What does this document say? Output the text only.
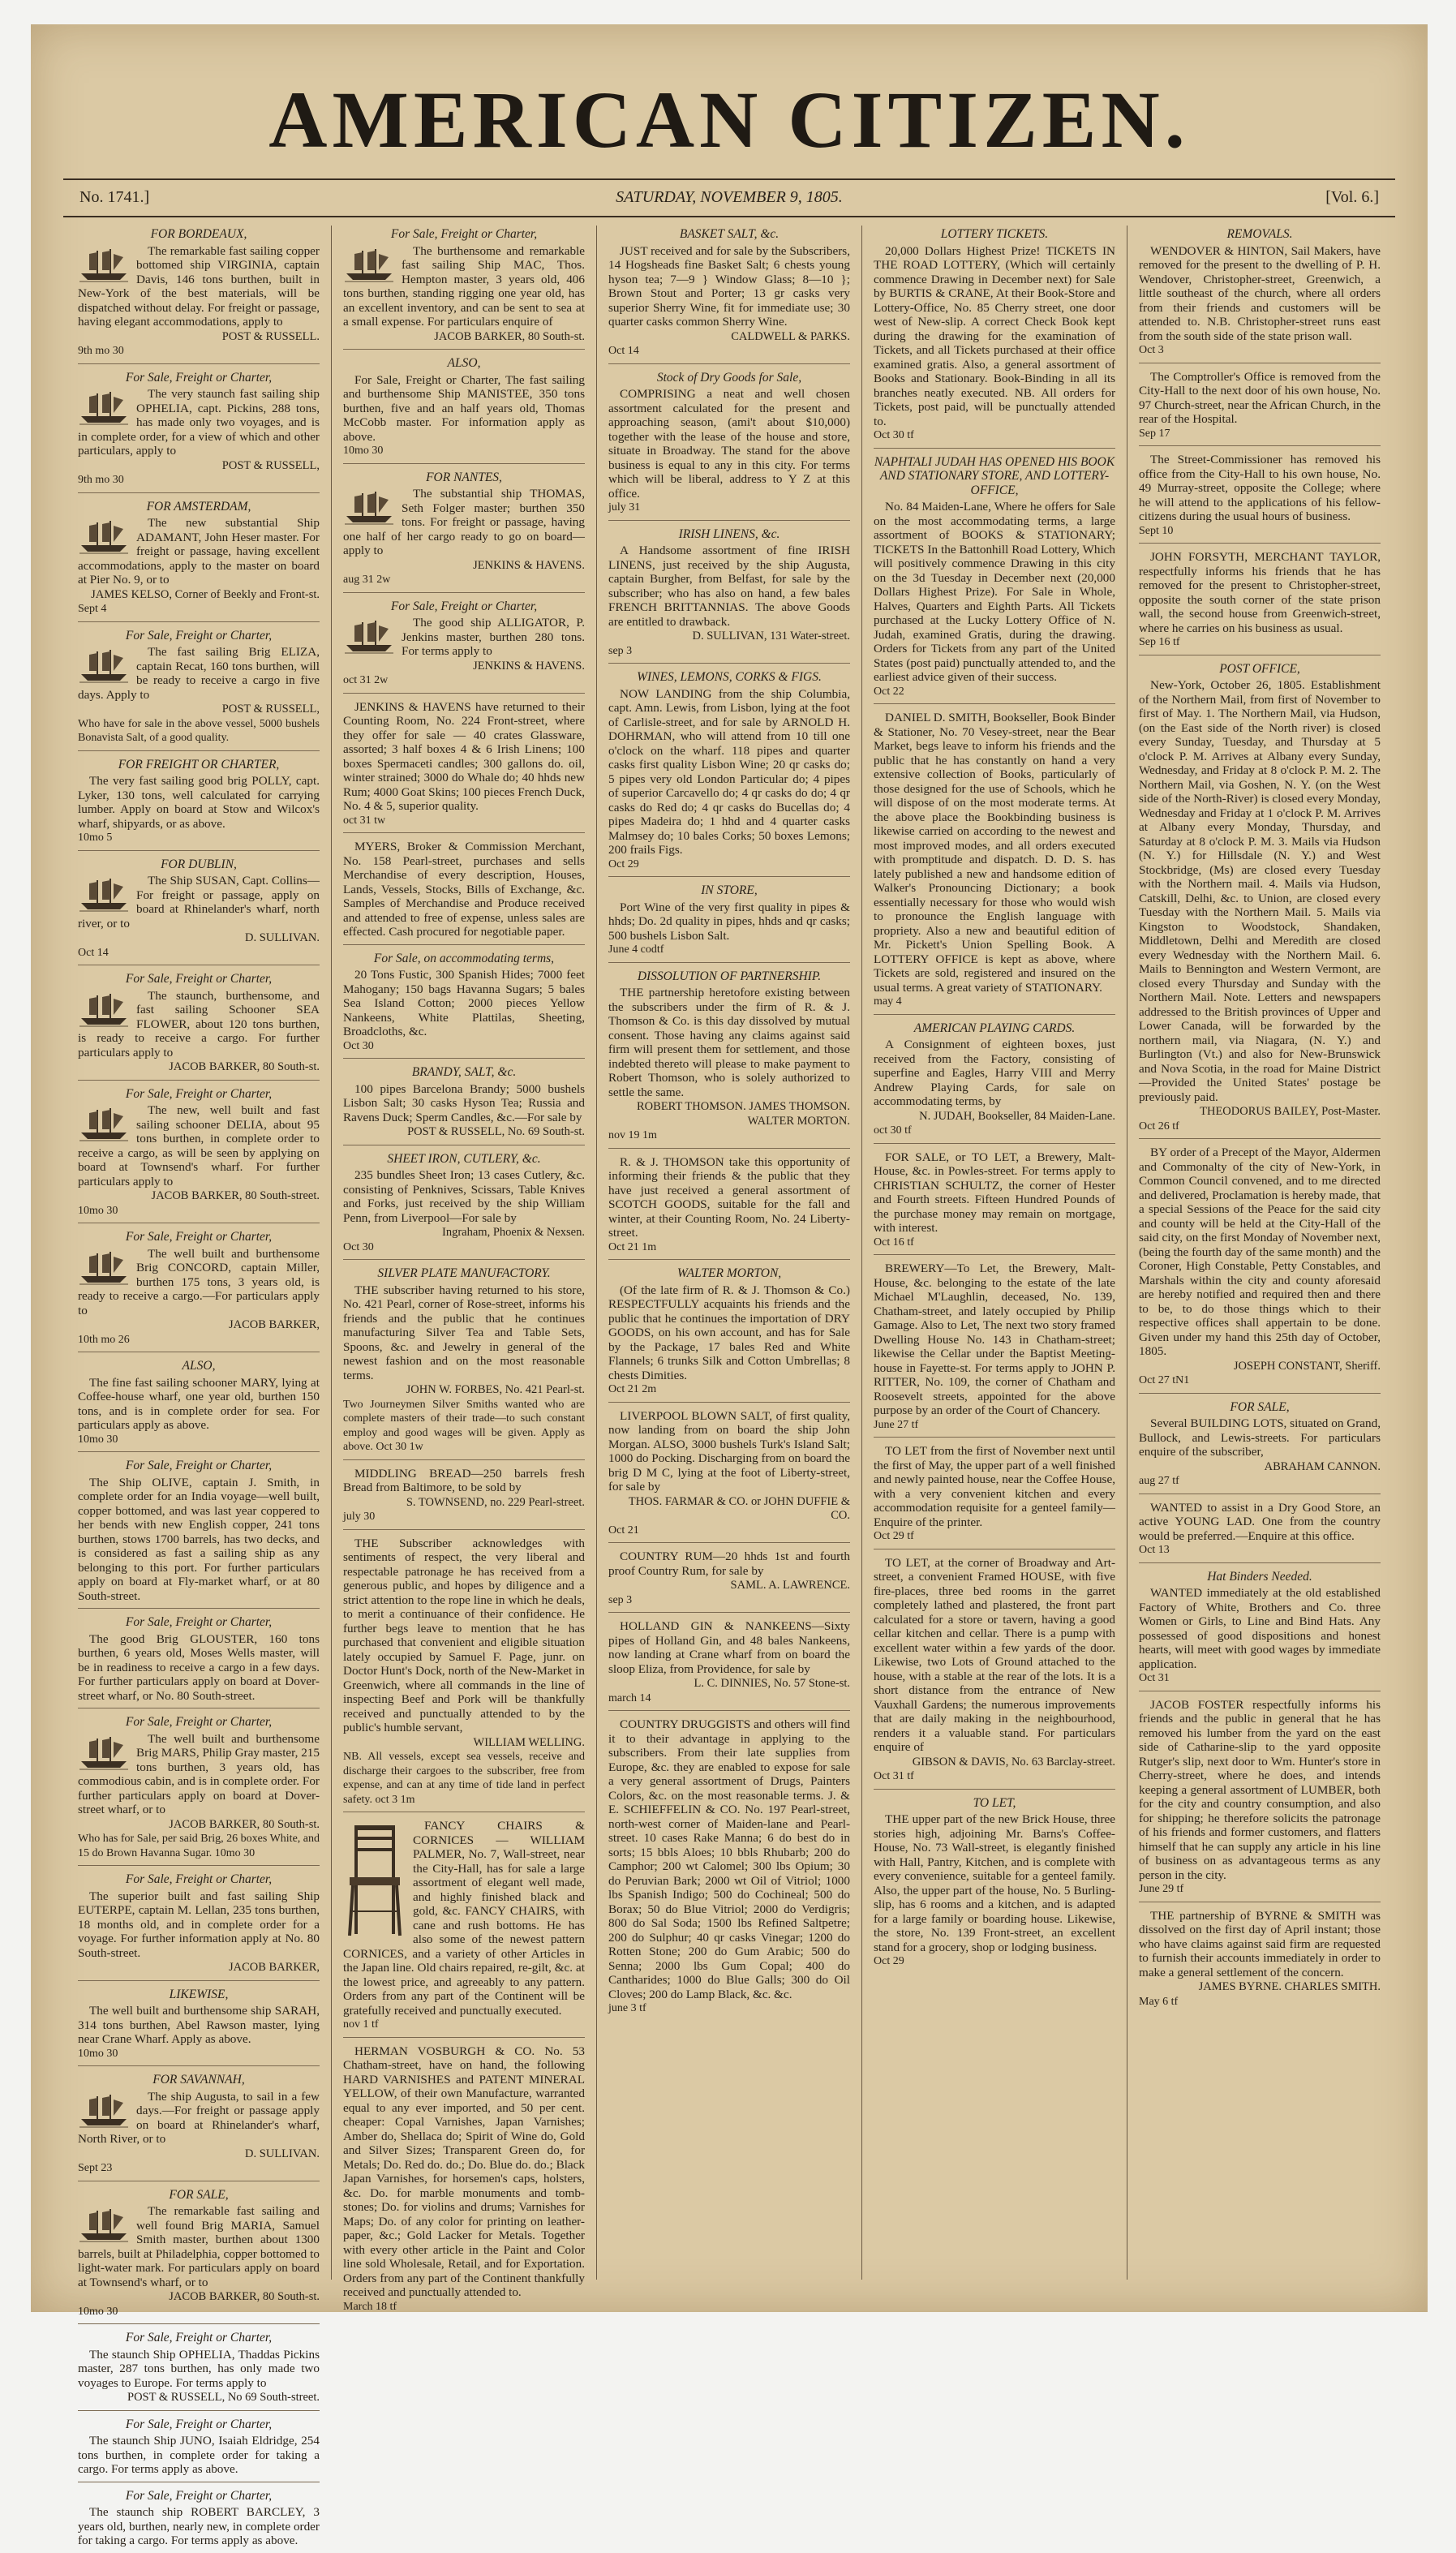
AMERICAN CITIZEN.
No. 1741.]	SATURDAY, NOVEMBER 9, 1805.	[Vol. 6.]
FOR BORDEAUX,
The remarkable fast sailing copper bottomed ship VIRGINIA, captain Davis, 146 tons burthen, built in New-York of the best materials, will be dispatched without delay. For freight or passage, having elegant accommodations, apply to
POST & RUSSELL.
9th mo 30
For Sale, Freight or Charter,
The very staunch fast sailing ship OPHELIA, capt. Pickins, 288 tons, has made only two voyages, and is in complete order, for a view of which and other particulars, apply to
POST & RUSSELL,
9th mo 30
FOR AMSTERDAM,
The new substantial Ship ADAMANT, John Heser master. For freight or passage, having excellent accommodations, apply to the master on board at Pier No. 9, or to
JAMES KELSO, Corner of Beekly and Front-st.
Sept 4
For Sale, Freight or Charter,
The fast sailing Brig ELIZA, captain Recat, 160 tons burthen, will be ready to receive a cargo in five days. Apply to
POST & RUSSELL,
Who have for sale in the above vessel, 5000 bushels Bonavista Salt, of a good quality.
FOR FREIGHT OR CHARTER,
The very fast sailing good brig POLLY, capt. Lyker, 130 tons, well calculated for carrying lumber. Apply on board at Stow and Wilcox's wharf, shipyards, or as above.
10mo 5
FOR DUBLIN,
The Ship SUSAN, Capt. Collins—For freight or passage, apply on board at Rhinelander's wharf, north river, or to
D. SULLIVAN.
Oct 14
For Sale, Freight or Charter,
The staunch, burthensome, and fast sailing Schooner SEA FLOWER, about 120 tons burthen, is ready to receive a cargo. For further particulars apply to
JACOB BARKER, 80 South-st.
For Sale, Freight or Charter,
The new, well built and fast sailing schooner DELIA, about 95 tons burthen, in complete order to receive a cargo, as will be seen by applying on board at Townsend's wharf. For further particulars apply to
JACOB BARKER, 80 South-street.
10mo 30
For Sale, Freight or Charter,
The well built and burthensome Brig CONCORD, captain Miller, burthen 175 tons, 3 years old, is ready to receive a cargo.—For particulars apply to
JACOB BARKER,
10th mo 26
ALSO,
The fine fast sailing schooner MARY, lying at Coffee-house wharf, one year old, burthen 150 tons, and is in complete order for sea. For particulars apply as above.
10mo 30
For Sale, Freight or Charter,
The Ship OLIVE, captain J. Smith, in complete order for an India voyage—well built, copper bottomed, and was last year coppered to her bends with new English copper, 241 tons burthen, stows 1700 barrels, has two decks, and is considered as fast a sailing ship as any belonging to this port. For further particulars apply on board at Fly-market wharf, or at 80 South-street.
For Sale, Freight or Charter,
The good Brig GLOUSTER, 160 tons burthen, 6 years old, Moses Wells master, will be in readiness to receive a cargo in a few days. For further particulars apply on board at Dover-street wharf, or No. 80 South-street.
For Sale, Freight or Charter,
The well built and burthensome Brig MARS, Philip Gray master, 215 tons burthen, 3 years old, has commodious cabin, and is in complete order. For further particulars apply on board at Dover-street wharf, or to
JACOB BARKER, 80 South-st.
Who has for Sale, per said Brig, 26 boxes White, and 15 do Brown Havanna Sugar. 10mo 30
For Sale, Freight or Charter,
The superior built and fast sailing Ship EUTERPE, captain M. Lellan, 235 tons burthen, 18 months old, and in complete order for a voyage. For further information apply at No. 80 South-street.
JACOB BARKER,
LIKEWISE,
The well built and burthensome ship SARAH, 314 tons burthen, Abel Rawson master, lying near Crane Wharf. Apply as above.
10mo 30
FOR SAVANNAH,
The ship Augusta, to sail in a few days.—For freight or passage apply on board at Rhinelander's wharf, North River, or to
D. SULLIVAN.
Sept 23
FOR SALE,
The remarkable fast sailing and well found Brig MARIA, Samuel Smith master, burthen about 1300 barrels, built at Philadelphia, copper bottomed to light-water mark. For particulars apply on board at Townsend's wharf, or to
JACOB BARKER, 80 South-st.
10mo 30
For Sale, Freight or Charter,
The staunch Ship OPHELIA, Thaddas Pickins master, 287 tons burthen, has only made two voyages to Europe. For terms apply to
POST & RUSSELL, No 69 South-street.
For Sale, Freight or Charter,
The staunch Ship JUNO, Isaiah Eldridge, 254 tons burthen, in complete order for taking a cargo. For terms apply as above.
For Sale, Freight or Charter,
The staunch ship ROBERT BARCLEY, 3 years old, burthen, nearly new, in complete order for taking a cargo. For terms apply as above.
For Sale, Freight or Charter,
The burthensome and remarkable fast sailing Ship MAC, Thos. Hempton master, 3 years old, 406 tons burthen, standing rigging one year old, has an excellent inventory, and can be sent to sea at a small expense. For particulars enquire of
JACOB BARKER, 80 South-st.
ALSO,
For Sale, Freight or Charter, The fast sailing and burthensome Ship MANISTEE, 350 tons burthen, five and an half years old, Thomas McCobb master. For information apply as above.
10mo 30
FOR NANTES,
The substantial ship THOMAS, Seth Folger master; burthen 350 tons. For freight or passage, having one half of her cargo ready to go on board—apply to
JENKINS & HAVENS.
aug 31 2w
For Sale, Freight or Charter,
The good ship ALLIGATOR, P. Jenkins master, burthen 280 tons. For terms apply to
JENKINS & HAVENS.
oct 31 2w
JENKINS & HAVENS have returned to their Counting Room, No. 224 Front-street, where they offer for sale — 40 crates Glassware, assorted; 3 half boxes 4 & 6 Irish Linens; 100 boxes Spermaceti candles; 300 gallons do. oil, winter strained; 3000 do Whale do; 40 hhds new Rum; 4000 Goat Skins; 100 pieces French Duck, No. 4 & 5, superior quality.
oct 31 tw
MYERS, Broker & Commission Merchant, No. 158 Pearl-street, purchases and sells Merchandise of every description, Houses, Lands, Vessels, Stocks, Bills of Exchange, &c. Samples of Merchandise and Produce received and attended to free of expense, unless sales are effected. Cash procured for negotiable paper.
For Sale, on accommodating terms,
20 Tons Fustic, 300 Spanish Hides; 7000 feet Mahogany; 150 bags Havanna Sugars; 5 bales Sea Island Cotton; 2000 pieces Yellow Nankeens, White Plattilas, Sheeting, Broadcloths, &c.
Oct 30
BRANDY, SALT, &c.
100 pipes Barcelona Brandy; 5000 bushels Lisbon Salt; 30 casks Hyson Tea; Russia and Ravens Duck; Sperm Candles, &c.—For sale by
POST & RUSSELL, No. 69 South-st.
SHEET IRON, CUTLERY, &c.
235 bundles Sheet Iron; 13 cases Cutlery, &c. consisting of Penknives, Scissars, Table Knives and Forks, just received by the ship William Penn, from Liverpool—For sale by
Ingraham, Phoenix & Nexsen.
Oct 30
SILVER PLATE MANUFACTORY.
THE subscriber having returned to his store, No. 421 Pearl, corner of Rose-street, informs his friends and the public that he continues manufacturing Silver Tea and Table Sets, Spoons, &c. and Jewelry in general of the newest fashion and on the most reasonable terms.
JOHN W. FORBES, No. 421 Pearl-st.
Two Journeymen Silver Smiths wanted who are complete masters of their trade—to such constant employ and good wages will be given. Apply as above. Oct 30 1w
MIDDLING BREAD—250 barrels fresh Bread from Baltimore, to be sold by
S. TOWNSEND, no. 229 Pearl-street.
july 30
THE Subscriber acknowledges with sentiments of respect, the very liberal and respectable patronage he has received from a generous public, and hopes by diligence and a strict attention to the rope line in which he deals, to merit a continuance of their confidence. He further begs leave to mention that he has purchased that convenient and eligible situation lately occupied by Samuel F. Page, junr. on Doctor Hunt's Dock, north of the New-Market in Greenwich, where all commands in the line of inspecting Beef and Pork will be thankfully received and punctually attended to by the public's humble servant,
WILLIAM WELLING.
NB. All vessels, except sea vessels, receive and discharge their cargoes to the subscriber, free from expense, and can at any time of tide land in perfect safety. oct 3 1m
FANCY CHAIRS & CORNICES — WILLIAM PALMER, No. 7, Wall-street, near the City-Hall, has for sale a large assortment of elegant well made, and highly finished black and gold, &c. FANCY CHAIRS, with cane and rush bottoms. He has also some of the newest pattern CORNICES, and a variety of other Articles in the Japan line. Old chairs repaired, re-gilt, &c. at the lowest price, and agreeably to any pattern. Orders from any part of the Continent will be gratefully received and punctually executed.
nov 1 tf
HERMAN VOSBURGH & CO. No. 53 Chatham-street, have on hand, the following HARD VARNISHES and PATENT MINERAL YELLOW, of their own Manufacture, warranted equal to any ever imported, and 50 per cent. cheaper: Copal Varnishes, Japan Varnishes; Amber do, Shellaca do; Spirit of Wine do, Gold and Silver Sizes; Transparent Green do, for Metals; Do. Red do. do.; Do. Blue do. do.; Black Japan Varnishes, for horsemen's caps, holsters, &c. Do. for marble monuments and tomb-stones; Do. for violins and drums; Varnishes for Maps; Do. of any color for printing on leather-paper, &c.; Gold Lacker for Metals. Together with every other article in the Paint and Color line sold Wholesale, Retail, and for Exportation. Orders from any part of the Continent thankfully received and punctually attended to.
March 18 tf
BASKET SALT, &c.
JUST received and for sale by the Subscribers, 14 Hogsheads fine Basket Salt; 6 chests young hyson tea; 7—9 } Window Glass; 8—10 }; Brown Stout and Porter; 13 gr casks very superior Sherry Wine, fit for immediate use; 30 quarter casks common Sherry Wine.
CALDWELL & PARKS.
Oct 14
Stock of Dry Goods for Sale,
COMPRISING a neat and well chosen assortment calculated for the present and approaching season, (ami't about $10,000) together with the lease of the house and store, situate in Broadway. The stand for the above business is equal to any in this city. For terms which will be liberal, address to Y Z at this office.
july 31
IRISH LINENS, &c.
A Handsome assortment of fine IRISH LINENS, just received by the ship Augusta, captain Burgher, from Belfast, for sale by the subscriber; who has also on hand, a few bales FRENCH BRITTANNIAS. The above Goods are entitled to drawback.
D. SULLIVAN, 131 Water-street.
sep 3
WINES, LEMONS, CORKS & FIGS.
NOW LANDING from the ship Columbia, capt. Amn. Lewis, from Lisbon, lying at the foot of Carlisle-street, and for sale by ARNOLD H. DOHRMAN, who will attend from 10 till one o'clock on the wharf. 118 pipes and quarter casks first quality Lisbon Wine; 20 qr casks do; 5 pipes very old London Particular do; 4 pipes of superior Carcavello do; 4 qr casks do do; 4 qr casks do Red do; 4 qr casks do Bucellas do; 4 pipes Madeira do; 1 hhd and 4 quarter casks Malmsey do; 10 bales Corks; 50 boxes Lemons; 200 frails Figs.
Oct 29
IN STORE,
Port Wine of the very first quality in pipes & hhds; Do. 2d quality in pipes, hhds and qr casks; 500 bushels Lisbon Salt.
June 4 codtf
DISSOLUTION OF PARTNERSHIP.
THE partnership heretofore existing between the subscribers under the firm of R. & J. Thomson & Co. is this day dissolved by mutual consent. Those having any claims against said firm will present them for settlement, and those indebted thereto will please to make payment to Robert Thomson, who is solely authorized to settle the same.
ROBERT THOMSON. JAMES THOMSON. WALTER MORTON.
nov 19 1m
R. & J. THOMSON take this opportunity of informing their friends & the public that they have just received a general assortment of SCOTCH GOODS, suitable for the fall and winter, at their Counting Room, No. 24 Liberty-street.
Oct 21 1m
WALTER MORTON,
(Of the late firm of R. & J. Thomson & Co.) RESPECTFULLY acquaints his friends and the public that he continues the importation of DRY GOODS, on his own account, and has for Sale by the Package, 17 bales Red and White Flannels; 6 trunks Silk and Cotton Umbrellas; 8 chests Dimities.
Oct 21 2m
LIVERPOOL BLOWN SALT, of first quality, now landing from on board the ship John Morgan. ALSO, 3000 bushels Turk's Island Salt; 1000 do Pocking. Discharging from on board the brig D M C, lying at the foot of Liberty-street, for sale by
THOS. FARMAR & CO. or JOHN DUFFIE & CO.
Oct 21
COUNTRY RUM—20 hhds 1st and fourth proof Country Rum, for sale by
SAML. A. LAWRENCE.
sep 3
HOLLAND GIN & NANKEENS—Sixty pipes of Holland Gin, and 48 bales Nankeens, now landing at Crane wharf from on board the sloop Eliza, from Providence, for sale by
L. C. DINNIES, No. 57 Stone-st.
march 14
COUNTRY DRUGGISTS and others will find it to their advantage in applying to the subscribers. From their late supplies from Europe, &c. they are enabled to expose for sale a very general assortment of Drugs, Painters Colors, &c. on the most reasonable terms. J. & E. SCHIEFFELIN & CO. No. 197 Pearl-street, north-west corner of Maiden-lane and Pearl-street. 10 cases Rake Manna; 6 do best do in sorts; 15 bbls Aloes; 10 bbls Rhubarb; 200 do Camphor; 200 wt Calomel; 300 lbs Opium; 30 do Peruvian Bark; 2000 wt Oil of Vitriol; 1000 lbs Spanish Indigo; 500 do Cochineal; 500 do Borax; 50 do Blue Vitriol; 2000 do Verdigris; 800 do Sal Soda; 1500 lbs Refined Saltpetre; 200 do Sulphur; 40 qr casks Vinegar; 1200 do Rotten Stone; 200 do Gum Arabic; 500 do Senna; 2000 lbs Gum Copal; 400 do Cantharides; 1000 do Blue Galls; 300 do Oil Cloves; 200 do Lamp Black, &c. &c.
june 3 tf
LOTTERY TICKETS.
20,000 Dollars Highest Prize! TICKETS IN THE ROAD LOTTERY, (Which will certainly commence Drawing in December next) for Sale by BURTIS & CRANE, At their Book-Store and Lottery-Office, No. 85 Cherry street, one door west of New-slip. A correct Check Book kept during the drawing for the examination of Tickets, and all Tickets purchased at their office examined gratis. Also, a general assortment of Books and Stationary. Book-Binding in all its branches neatly executed. NB. All orders for Tickets, post paid, will be punctually attended to.
Oct 30 tf
NAPHTALI JUDAH HAS OPENED HIS BOOK AND STATIONARY STORE, AND LOTTERY-OFFICE,
No. 84 Maiden-Lane, Where he offers for Sale on the most accommodating terms, a large assortment of BOOKS & STATIONARY; TICKETS In the Battonhill Road Lottery, Which will positively commence Drawing in this city on the 3d Tuesday in December next (20,000 Dollars Highest Prize). For Sale in Whole, Halves, Quarters and Eighth Parts. All Tickets purchased at the Lucky Lottery Office of N. Judah, examined Gratis, during the drawing. Orders for Tickets from any part of the United States (post paid) punctually attended to, and the earliest advice given of their success.
Oct 22
DANIEL D. SMITH, Bookseller, Book Binder & Stationer, No. 70 Vesey-street, near the Bear Market, begs leave to inform his friends and the public that he has constantly on hand a very extensive collection of Books, particularly of those designed for the use of Schools, which he will dispose of on the most moderate terms. At the above place the Bookbinding business is likewise carried on according to the newest and most improved modes, and all orders executed with promptitude and dispatch. D. D. S. has lately published a new and handsome edition of Walker's Pronouncing Dictionary; a book essentially necessary for those who would wish to pronounce the English language with propriety. Also a new and beautiful edition of Mr. Pickett's Union Spelling Book. A LOTTERY OFFICE is kept as above, where Tickets are sold, registered and insured on the usual terms. A great variety of STATIONARY.
may 4
AMERICAN PLAYING CARDS.
A Consignment of eighteen boxes, just received from the Factory, consisting of superfine and Eagles, Harry VIII and Merry Andrew Playing Cards, for sale on accommodating terms, by
N. JUDAH, Bookseller, 84 Maiden-Lane.
oct 30 tf
FOR SALE, or TO LET, a Brewery, Malt-House, &c. in Powles-street. For terms apply to CHRISTIAN SCHULTZ, the corner of Hester and Fourth streets. Fifteen Hundred Pounds of the purchase money may remain on mortgage, with interest.
Oct 16 tf
BREWERY—To Let, the Brewery, Malt-House, &c. belonging to the estate of the late Michael M'Laughlin, deceased, No. 139, Chatham-street, and lately occupied by Philip Gamage. Also to Let, The next two story framed Dwelling House No. 143 in Chatham-street; likewise the Cellar under the Baptist Meeting-house in Fayette-st. For terms apply to JOHN P. RITTER, No. 109, the corner of Chatham and Roosevelt streets, appointed for the above purpose by an order of the Court of Chancery.
June 27 tf
TO LET from the first of November next until the first of May, the upper part of a well finished and newly painted house, near the Coffee House, with a very convenient kitchen and every accommodation requisite for a genteel family—Enquire of the printer.
Oct 29 tf
TO LET, at the corner of Broadway and Art-street, a convenient Framed HOUSE, with five fire-places, three bed rooms in the garret completely lathed and plastered, the front part calculated for a store or tavern, having a good cellar kitchen and cellar. There is a pump with excellent water within a few yards of the door. Likewise, two Lots of Ground attached to the house, with a stable at the rear of the lots. It is a short distance from the entrance of New Vauxhall Gardens; the numerous improvements that are daily making in the neighbourhood, renders it a valuable stand. For particulars enquire of
GIBSON & DAVIS, No. 63 Barclay-street.
Oct 31 tf
TO LET,
THE upper part of the new Brick House, three stories high, adjoining Mr. Barns's Coffee-House, No. 73 Wall-street, is elegantly finished with Hall, Pantry, Kitchen, and is complete with every convenience, suitable for a genteel family. Also, the upper part of the house, No. 5 Burling-slip, has 6 rooms and a kitchen, and is adapted for a large family or boarding house. Likewise, the store, No. 139 Front-street, an excellent stand for a grocery, shop or lodging business.
Oct 29
REMOVALS.
WENDOVER & HINTON, Sail Makers, have removed for the present to the dwelling of P. H. Wendover, Christopher-street, Greenwich, a little southeast of the church, where all orders from their friends and customers will be attended to. N.B. Christopher-street runs east from the south side of the state prison wall.
Oct 3
The Comptroller's Office is removed from the City-Hall to the next door of his own house, No. 97 Church-street, near the African Church, in the rear of the Hospital.
Sep 17
The Street-Commissioner has removed his office from the City-Hall to his own house, No. 49 Murray-street, opposite the College; where he will attend to the applications of his fellow-citizens during the usual hours of business.
Sept 10
JOHN FORSYTH, MERCHANT TAYLOR, respectfully informs his friends that he has removed for the present to Christopher-street, opposite the south corner of the state prison wall, the second house from Greenwich-street, where he carries on his business as usual.
Sep 16 tf
POST OFFICE,
New-York, October 26, 1805. Establishment of the Northern Mail, from first of November to first of May. 1. The Northern Mail, via Hudson, (on the East side of the North river) is closed every Sunday, Tuesday, and Thursday at 5 o'clock P. M. Arrives at Albany every Sunday, Wednesday, and Friday at 8 o'clock P. M. 2. The Northern Mail, via Goshen, N. Y. (on the West side of the North-River) is closed every Monday, Wednesday and Friday at 1 o'clock P. M. Arrives at Albany every Monday, Thursday, and Saturday at 8 o'clock P. M. 3. Mails via Hudson (N. Y.) for Hillsdale (N. Y.) and West Stockbridge, (Ms) are closed every Tuesday with the Northern mail. 4. Mails via Hudson, Catskill, Delhi, &c. to Union, are closed every Tuesday with the Northern Mail. 5. Mails via Kingston to Woodstock, Shandaken, Middletown, Delhi and Meredith are closed every Wednesday with the Northern Mail. 6. Mails to Bennington and Western Vermont, are closed every Thursday and Sunday with the Northern Mail. Note. Letters and newspapers addressed to the British provinces of Upper and Lower Canada, will be forwarded by the northern mail, via Niagara, (N. Y.) and Burlington (Vt.) and also for New-Brunswick and Nova Scotia, in the road for Maine District—Provided the United States' postage be previously paid.
THEODORUS BAILEY, Post-Master.
Oct 26 tf
BY order of a Precept of the Mayor, Aldermen and Commonalty of the city of New-York, in Common Council convened, and to me directed and delivered, Proclamation is hereby made, that a special Sessions of the Peace for the said city and county will be held at the City-Hall of the said city, on the first Monday of November next, (being the fourth day of the same month) and the Coroner, High Constable, Petty Constables, and Marshals within the city and county aforesaid are hereby notified and required then and there to be, to do those things which to their respective offices shall appertain to be done. Given under my hand this 25th day of October, 1805.
JOSEPH CONSTANT, Sheriff.
Oct 27 tN1
FOR SALE,
Several BUILDING LOTS, situated on Grand, Bullock, and Lewis-streets. For particulars enquire of the subscriber,
ABRAHAM CANNON.
aug 27 tf
WANTED to assist in a Dry Good Store, an active YOUNG LAD. One from the country would be preferred.—Enquire at this office.
Oct 13
Hat Binders Needed.
WANTED immediately at the old established Factory of White, Brothers and Co. three Women or Girls, to Line and Bind Hats. Any possessed of good dispositions and honest hearts, will meet with good wages by immediate application.
Oct 31
JACOB FOSTER respectfully informs his friends and the public in general that he has removed his lumber from the yard on the east side of Catharine-slip to the yard opposite Rutger's slip, next door to Wm. Hunter's store in Cherry-street, where he does, and intends keeping a general assortment of LUMBER, both for the city and country consumption, and also for shipping; he therefore solicits the patronage of his friends and former customers, and flatters himself that he can supply any article in his line of business on as advantageous terms as any person in the city.
June 29 tf
THE partnership of BYRNE & SMITH was dissolved on the first day of April instant; those who have claims against said firm are requested to furnish their accounts immediately in order to make a general settlement of the concern.
JAMES BYRNE. CHARLES SMITH.
May 6 tf
